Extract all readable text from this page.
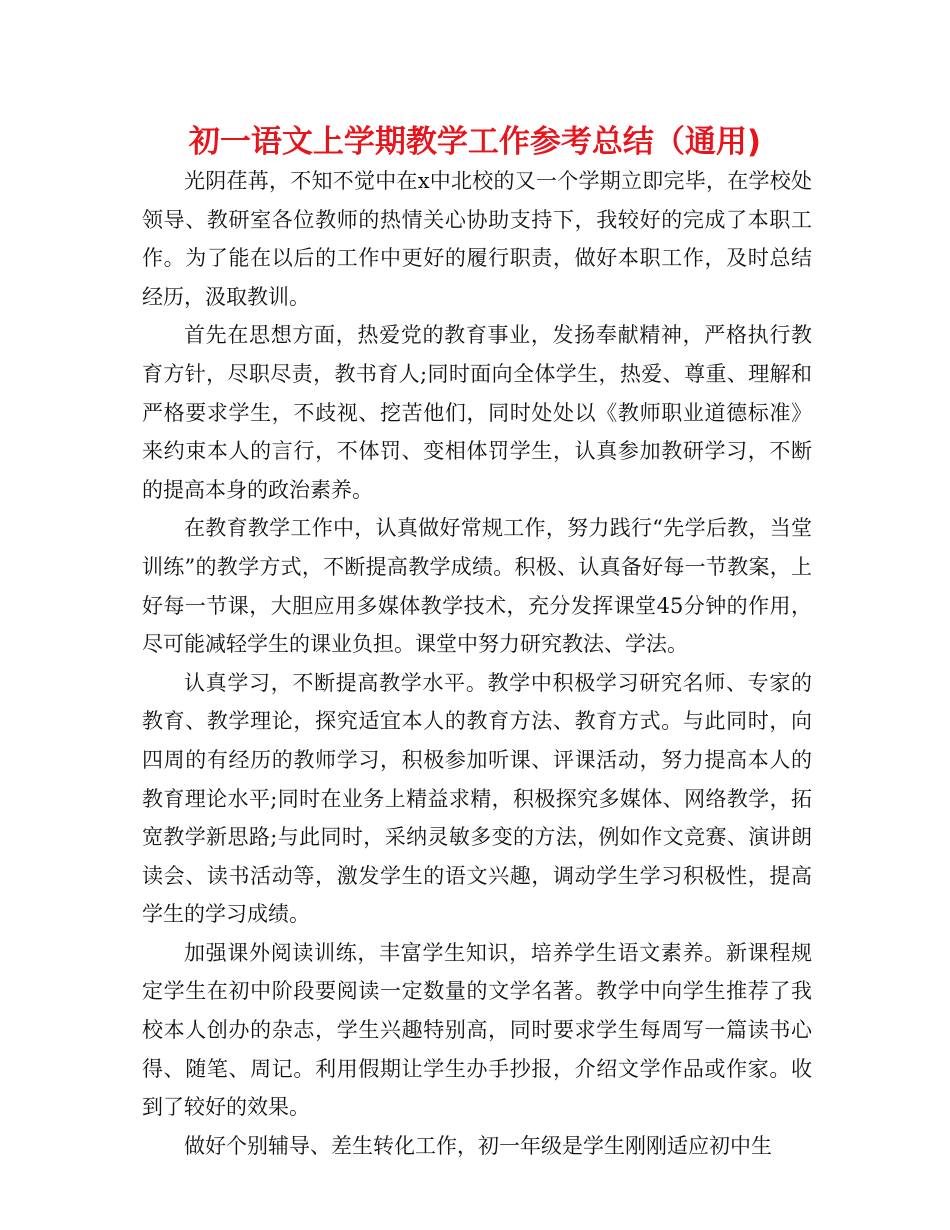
初一语文上学期教学工作参考总结（通用)

光阴荏苒，不知不觉中在x中北校的又一个学期立即完毕，在学校处领导、教研室各位教师的热情关心协助支持下，我较好的完成了本职工作。为了能在以后的工作中更好的履行职责，做好本职工作，及时总结经历，汲取教训。

首先在思想方面，热爱党的教育事业，发扬奉献精神，严格执行教育方针，尽职尽责，教书育人;同时面向全体学生，热爱、尊重、理解和严格要求学生，不歧视、挖苦他们，同时处处以《教师职业道德标准》来约束本人的言行，不体罚、变相体罚学生，认真参加教研学习，不断的提高本身的政治素养。

在教育教学工作中，认真做好常规工作，努力践行“先学后教，当堂训练”的教学方式，不断提高教学成绩。积极、认真备好每一节教案，上好每一节课，大胆应用多媒体教学技术，充分发挥课堂45分钟的作用，尽可能减轻学生的课业负担。课堂中努力研究教法、学法。

认真学习，不断提高教学水平。教学中积极学习研究名师、专家的教育、教学理论，探究适宜本人的教育方法、教育方式。与此同时，向四周的有经历的教师学习，积极参加听课、评课活动，努力提高本人的教育理论水平;同时在业务上精益求精，积极探究多媒体、网络教学，拓宽教学新思路;与此同时，采纳灵敏多变的方法，例如作文竞赛、演讲朗读会、读书活动等，激发学生的语文兴趣，调动学生学习积极性，提高学生的学习成绩。

加强课外阅读训练，丰富学生知识，培养学生语文素养。新课程规定学生在初中阶段要阅读一定数量的文学名著。教学中向学生推荐了我校本人创办的杂志，学生兴趣特别高，同时要求学生每周写一篇读书心得、随笔、周记。利用假期让学生办手抄报，介绍文学作品或作家。收到了较好的效果。

做好个别辅导、差生转化工作，初一年级是学生刚刚适应初中生
